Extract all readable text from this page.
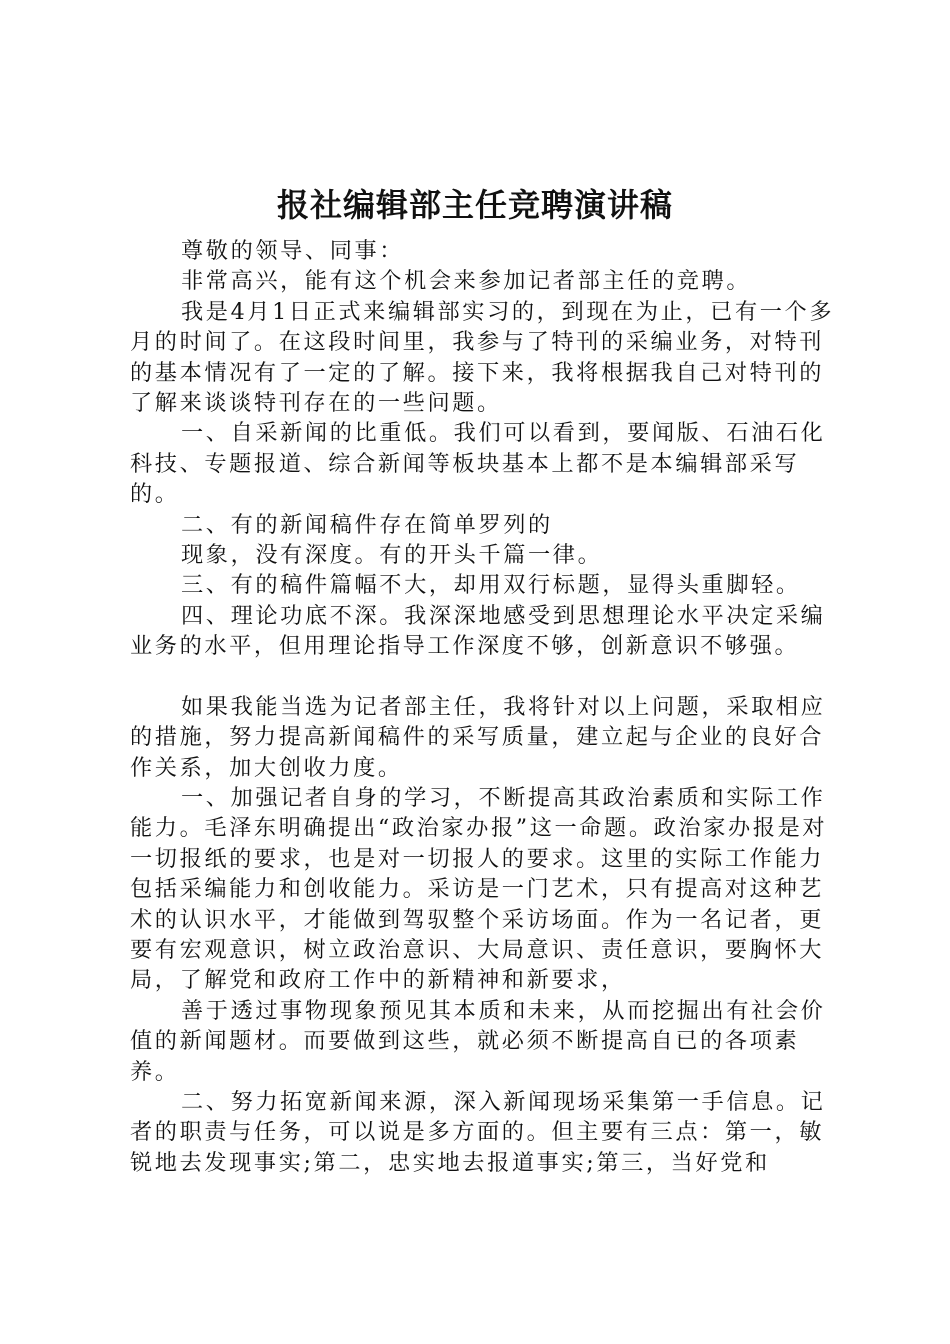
报社编辑部主任竞聘演讲稿

尊敬的领导、同事：

非常高兴，能有这个机会来参加记者部主任的竞聘。

我是4月1日正式来编辑部实习的，到现在为止，已有一个多月的时间了。在这段时间里，我参与了特刊的采编业务，对特刊的基本情况有了一定的了解。接下来，我将根据我自己对特刊的了解来谈谈特刊存在的一些问题。

一、自采新闻的比重低。我们可以看到，要闻版、石油石化科技、专题报道、综合新闻等板块基本上都不是本编辑部采写的。

二、有的新闻稿件存在简单罗列的

现象，没有深度。有的开头千篇一律。

三、有的稿件篇幅不大，却用双行标题，显得头重脚轻。

四、理论功底不深。我深深地感受到思想理论水平决定采编业务的水平，但用理论指导工作深度不够，创新意识不够强。

如果我能当选为记者部主任，我将针对以上问题，采取相应的措施，努力提高新闻稿件的采写质量，建立起与企业的良好合作关系，加大创收力度。

一、加强记者自身的学习，不断提高其政治素质和实际工作能力。毛泽东明确提出“政治家办报”这一命题。政治家办报是对一切报纸的要求，也是对一切报人的要求。这里的实际工作能力包括采编能力和创收能力。采访是一门艺术，只有提高对这种艺术的认识水平，才能做到驾驭整个采访场面。作为一名记者，更要有宏观意识，树立政治意识、大局意识、责任意识，要胸怀大局，了解党和政府工作中的新精神和新要求，

善于透过事物现象预见其本质和未来，从而挖掘出有社会价值的新闻题材。而要做到这些，就必须不断提高自已的各项素养。

二、努力拓宽新闻来源，深入新闻现场采集第一手信息。记者的职责与任务，可以说是多方面的。但主要有三点：第一，敏锐地去发现事实;第二，忠实地去报道事实;第三，当好党和
